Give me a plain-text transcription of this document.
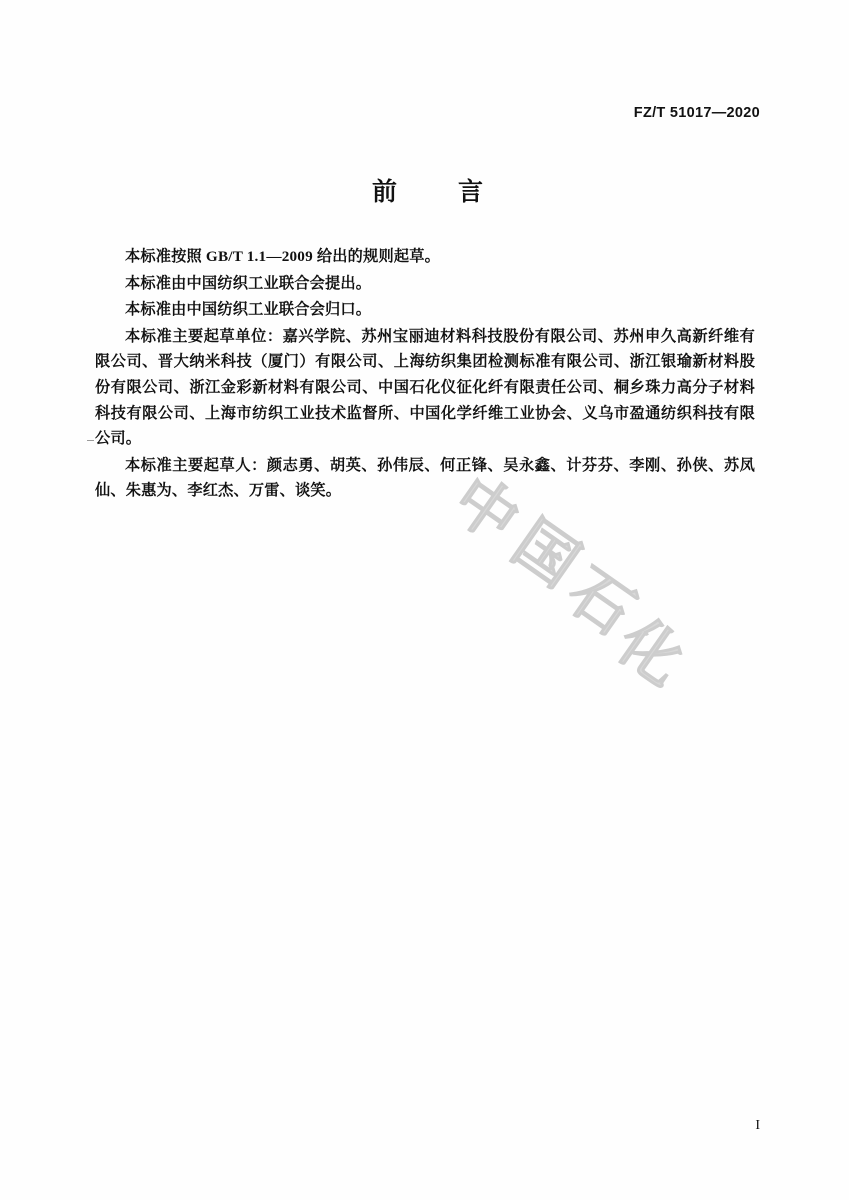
FZ/T 51017—2020
前　言

本标准按照 GB/T 1.1—2009 给出的规则起草。

本标准由中国纺织工业联合会提出。

本标准由中国纺织工业联合会归口。

本标准主要起草单位：嘉兴学院、苏州宝丽迪材料科技股份有限公司、苏州申久高新纤维有限公司、晋大纳米科技（厦门）有限公司、上海纺织集团检测标准有限公司、浙江银瑜新材料股份有限公司、浙江金彩新材料有限公司、中国石化仪征化纤有限责任公司、桐乡珠力高分子材料科技有限公司、上海市纺织工业技术监督所、中国化学纤维工业协会、义乌市盈通纺织科技有限公司。

本标准主要起草人：颜志勇、胡英、孙伟辰、何正锋、吴永鑫、计芬芬、李刚、孙侠、苏凤仙、朱惠为、李红杰、万雷、谈笑。	中
国
石
化
I
